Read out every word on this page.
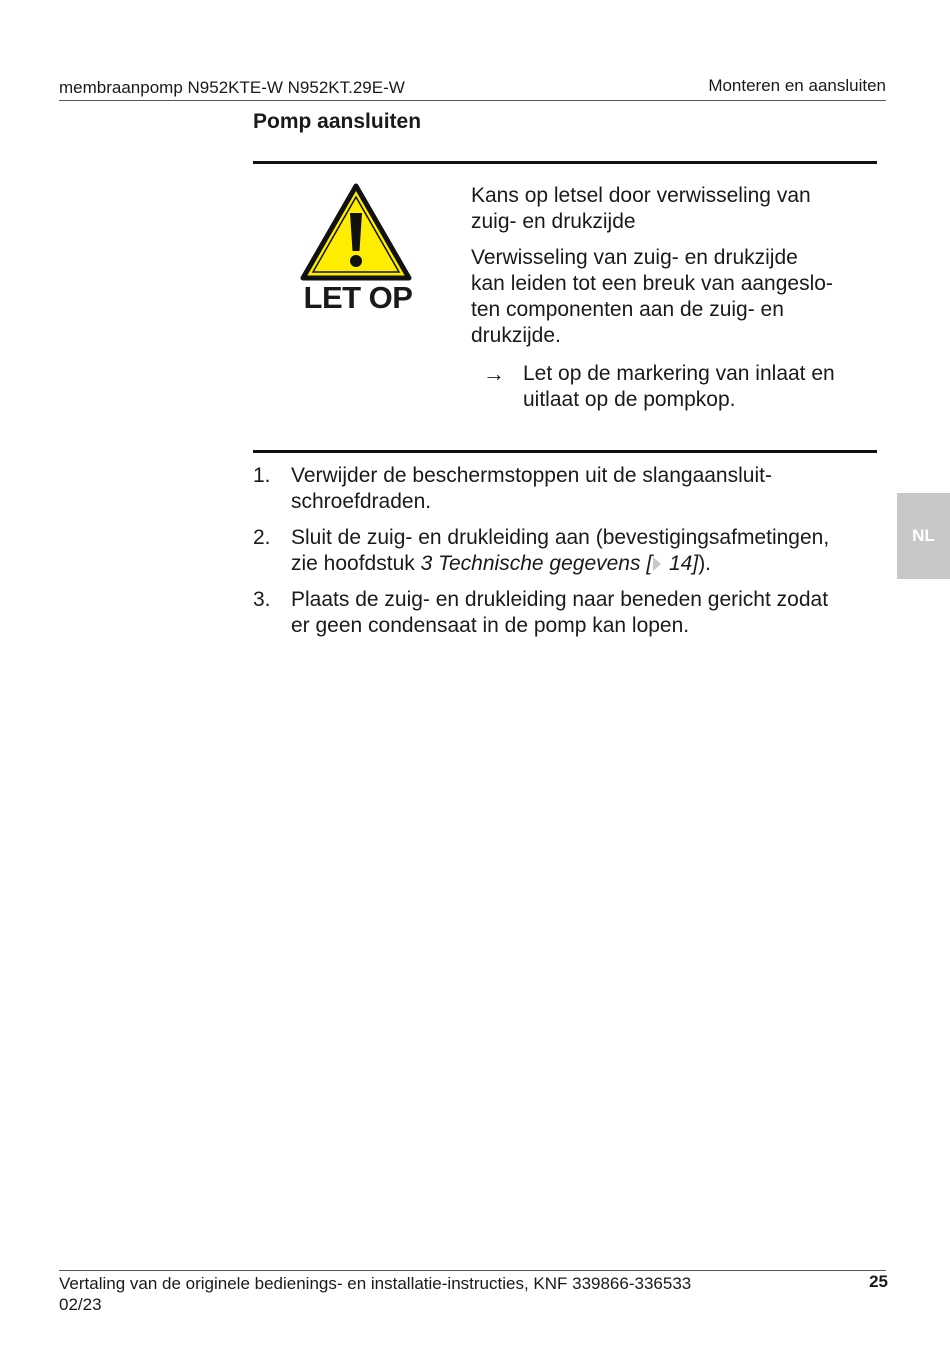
membraanpomp N952KTE-W N952KT.29E-W	Monteren en aansluiten
Pomp aansluiten
LET OP

Kans op letsel door verwisseling van
zuig- en drukzijde

Verwisseling van zuig- en drukzijde
kan leiden tot een breuk van aangeslo-
ten componenten aan de zuig- en
drukzijde.

→ Let op de markering van inlaat en
uitlaat op de pompkop.
1. Verwijder de beschermstoppen uit de slangaansluit-
schroefdraden.
2. Sluit de zuig- en drukleiding aan (bevestigingsafmetingen,
zie hoofdstuk 3 Technische gegevens [ 14]).
3. Plaats de zuig- en drukleiding naar beneden gericht zodat
er geen condensaat in de pomp kan lopen.
NL
Vertaling van de originele bedienings- en installatie-instructies, KNF 339866-336533
02/23
25
